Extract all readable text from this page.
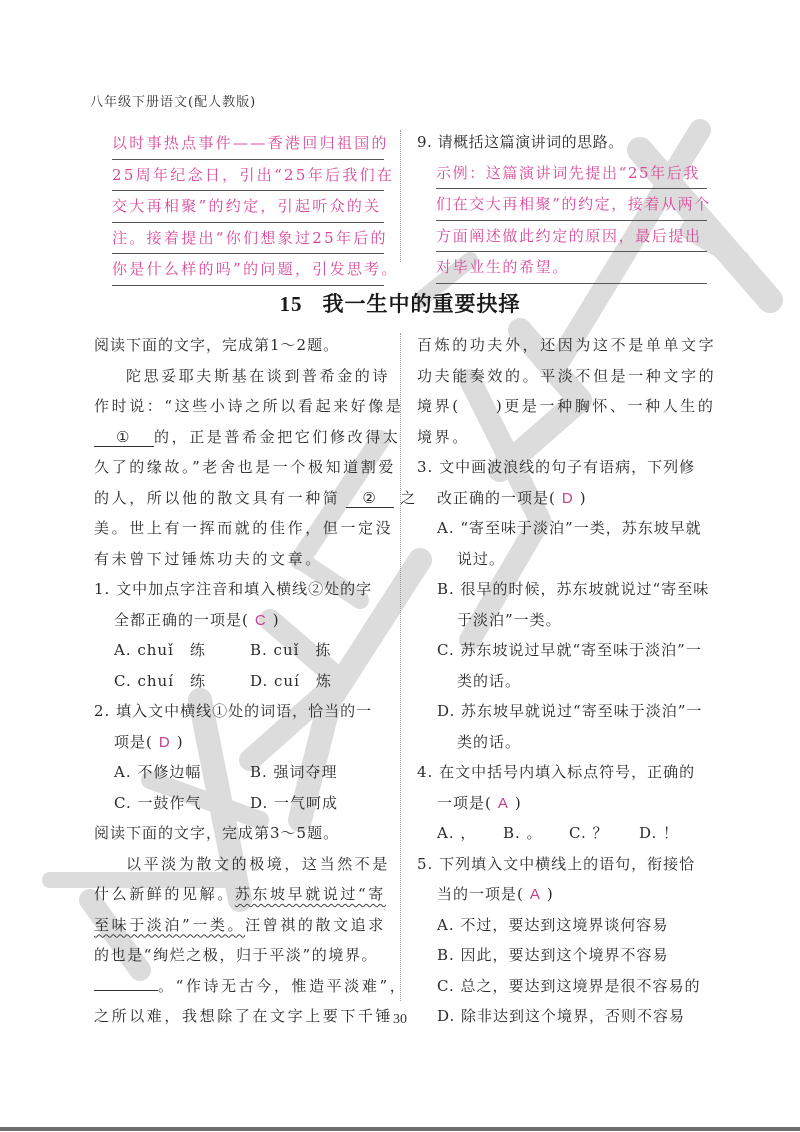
八年级下册语文(配人教版)
以时事热点事件——香港回归祖国的
25周年纪念日，引出“25年后我们在
交大再相聚”的约定，引起听众的关
注。接着提出“你们想象过25年后的
你是什么样的吗”的问题，引发思考。
9. 请概括这篇演讲词的思路。
示例：这篇演讲词先提出“25年后我
们在交大再相聚”的约定，接着从两个
方面阐述做此约定的原因，最后提出
对毕业生的希望。
15 我一生中的重要抉择
阅读下面的文字，完成第1～2题。
陀思妥耶夫斯基在谈到普希金的诗
作时说：“这些小诗之所以看起来好像是
① 的，正是普希金把它们修改得太
久了的缘故。”老舍也是一个极知道割爱
的人，所以他的散文具有一种简 ② 之
美。世上有一挥而就的佳作，但一定没
有未曾下过锤炼功夫的文章。
1. 文中加点字注音和填入横线②处的字
全都正确的一项是( C )
A. chuǐ　练	B. cuǐ　拣
C. chuí　练	D. cuí　炼
2. 填入文中横线①处的词语，恰当的一
项是( D )
A. 不修边幅	B. 强词夺理
C. 一鼓作气	D. 一气呵成
阅读下面的文字，完成第3～5题。
以平淡为散文的极境，这当然不是
什么新鲜的见解。苏东坡早就说过“寄
至味于淡泊”一类。汪曾祺的散文追求
的也是“绚烂之极，归于平淡”的境界。
。“作诗无古今，惟造平淡难”，
之所以难，我想除了在文字上要下千锤
百炼的功夫外，还因为这不是单单文字
功夫能奏效的。平淡不但是一种文字的
境界(　　)更是一种胸怀、一种人生的
境界。
3. 文中画波浪线的句子有语病，下列修
改正确的一项是( D )
A. “寄至味于淡泊”一类，苏东坡早就
说过。
B. 很早的时候，苏东坡就说过“寄至味
于淡泊”一类。
C. 苏东坡说过早就“寄至味于淡泊”一
类的话。
D. 苏东坡早就说过“寄至味于淡泊”一
类的话。
4. 在文中括号内填入标点符号，正确的
一项是( A )
A. ，	B. 。	C. ？	D. ！
5. 下列填入文中横线上的语句，衔接恰
当的一项是( A )
A. 不过，要达到这境界谈何容易
B. 因此，要达到这个境界不容易
C. 总之，要达到这境界是很不容易的
D. 除非达到这个境界，否则不容易
30
